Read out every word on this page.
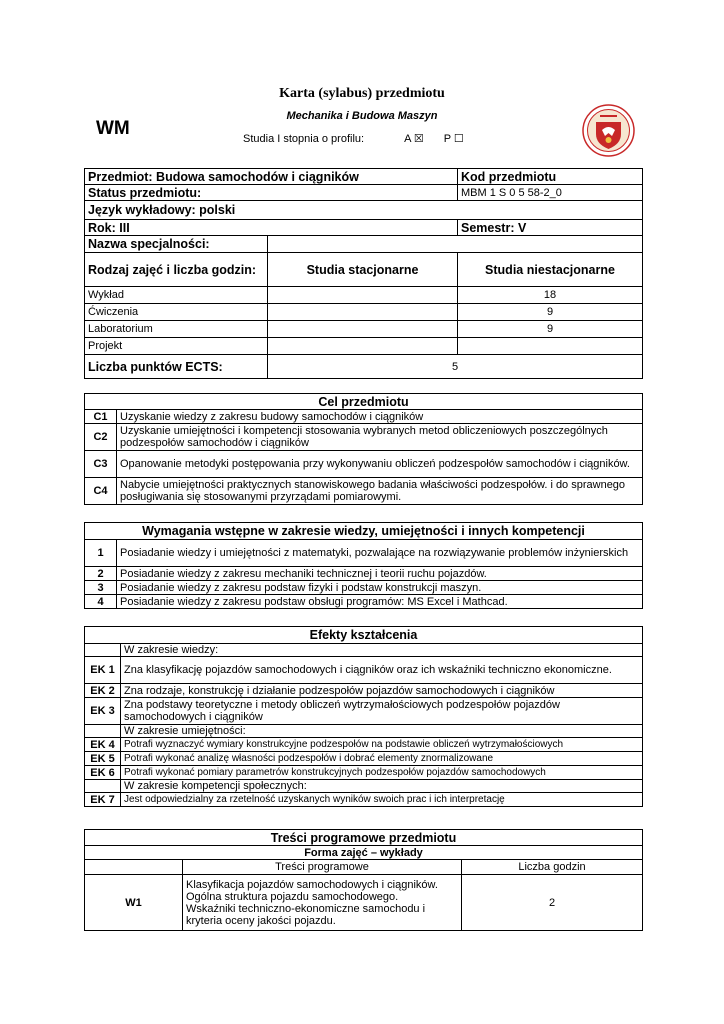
Karta (sylabus) przedmiotu
Mechanika i Budowa Maszyn
WM	Studia I stopnia o profilu:	A ☒ P ☐
Przedmiot: Budowa samochodów i ciągników		Kod przedmiotu
Status przedmiotu:		MBM 1 S 0 5 58-2_0
Język wykładowy: polski		
Rok: III		Semestr: V
Nazwa specjalności:		
Rodzaj zajęć i liczba godzin:	Studia stacjonarne	Studia niestacjonarne
Wykład		18
Ćwiczenia		9
Laboratorium		9
Projekt		
Liczba punktów ECTS:	5	
Cel przedmiotu	
C1	Uzyskanie wiedzy z zakresu budowy samochodów i ciągników
C2	Uzyskanie umiejętności i kompetencji stosowania wybranych metod obliczeniowych poszczególnych podzespołów samochodów i ciągników
C3	Opanowanie metodyki postępowania przy wykonywaniu obliczeń podzespołów samochodów i ciągników.
C4	Nabycie umiejętności praktycznych stanowiskowego badania właściwości podzespołów. i do sprawnego posługiwania się stosowanymi przyrządami pomiarowymi.
Wymagania wstępne w zakresie wiedzy, umiejętności i innych kompetencji	
1	Posiadanie wiedzy i umiejętności z matematyki, pozwalające na rozwiązywanie problemów inżynierskich
2	Posiadanie wiedzy z zakresu mechaniki technicznej i teorii ruchu pojazdów.
3	Posiadanie wiedzy z zakresu podstaw fizyki i podstaw konstrukcji maszyn.
4	Posiadanie wiedzy z zakresu podstaw obsługi programów: MS Excel i Mathcad.
Efekty kształcenia	
	W zakresie wiedzy:
EK 1	Zna klasyfikację pojazdów samochodowych i ciągników oraz ich wskaźniki techniczno ekonomiczne.
EK 2	Zna rodzaje, konstrukcję i działanie podzespołów pojazdów samochodowych i ciągników
EK 3	Zna podstawy teoretyczne i metody obliczeń wytrzymałościowych podzespołów pojazdów samochodowych i ciągników
	W zakresie umiejętności:
EK 4	Potrafi wyznaczyć wymiary konstrukcyjne podzespołów na podstawie obliczeń wytrzymałościowych
EK 5	Potrafi wykonać analizę własności podzespołów i dobrać elementy znormalizowane
EK 6	Potrafi wykonać pomiary parametrów konstrukcyjnych podzespołów pojazdów samochodowych
	W zakresie kompetencji społecznych:
EK 7	Jest odpowiedzialny za rzetelność uzyskanych wyników swoich prac i ich interpretację
Treści programowe przedmiotu		
Forma zajęć – wykłady		
	Treści programowe	Liczba godzin
W1	Klasyfikacja pojazdów samochodowych i ciągników.
Ogólna struktura pojazdu samochodowego.
Wskaźniki techniczno-ekonomiczne samochodu i
kryteria oceny jakości pojazdu.	2
